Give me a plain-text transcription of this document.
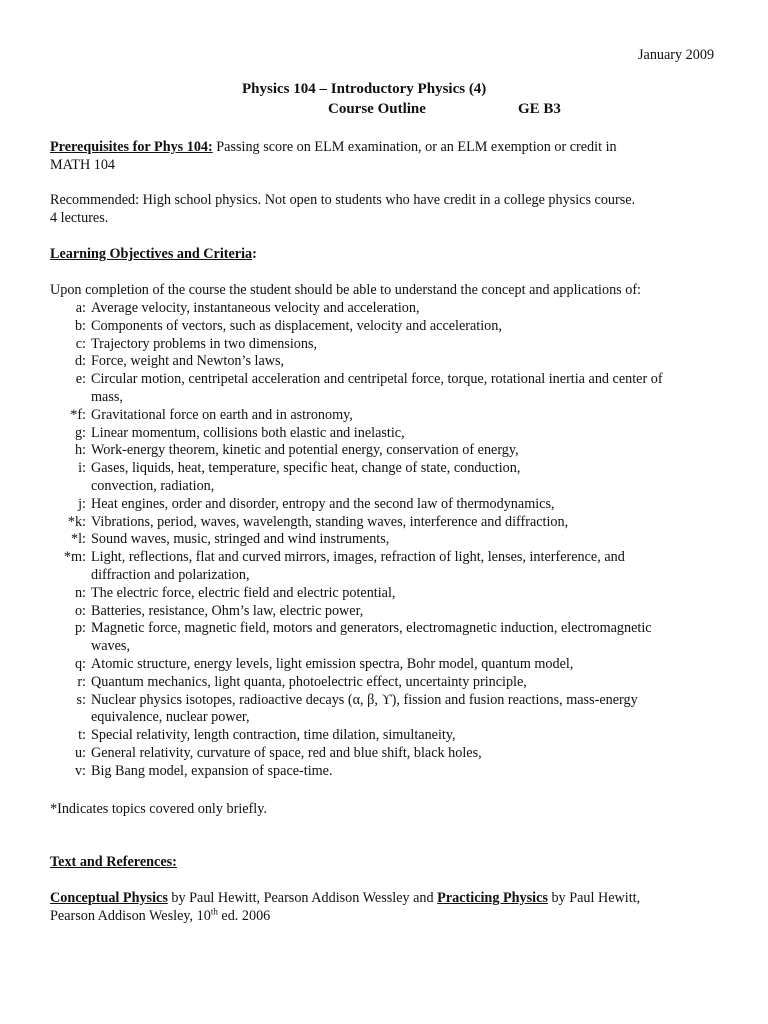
January 2009
Physics 104 – Introductory Physics (4)
Course Outline	GE B3
Prerequisites for Phys 104: Passing score on ELM examination, or an ELM exemption or credit in
MATH 104
Recommended: High school physics. Not open to students who have credit in a college physics course.
4 lectures.
Learning Objectives and Criteria:
Upon completion of the course the student should be able to understand the concept and applications of:
a: Average velocity, instantaneous velocity and acceleration,
b: Components of vectors, such as displacement, velocity and acceleration,
c: Trajectory problems in two dimensions,
d: Force, weight and Newton’s laws,
e: Circular motion, centripetal acceleration and centripetal force, torque, rotational inertia and center of
mass,
*f: Gravitational force on earth and in astronomy,
g: Linear momentum, collisions both elastic and inelastic,
h: Work-energy theorem, kinetic and potential energy, conservation of energy,
i: Gases, liquids, heat, temperature, specific heat, change of state, conduction,
convection, radiation,
j: Heat engines, order and disorder, entropy and the second law of thermodynamics,
*k: Vibrations, period, waves, wavelength, standing waves, interference and diffraction,
*l: Sound waves, music, stringed and wind instruments,
*m: Light, reflections, flat and curved mirrors, images, refraction of light, lenses, interference, and
diffraction and polarization,
n: The electric force, electric field and electric potential,
o: Batteries, resistance, Ohm’s law, electric power,
p: Magnetic force, magnetic field, motors and generators, electromagnetic induction, electromagnetic
waves,
q: Atomic structure, energy levels, light emission spectra, Bohr model, quantum model,
r: Quantum mechanics, light quanta, photoelectric effect, uncertainty principle,
s: Nuclear physics isotopes, radioactive decays (α, β, ϒ), fission and fusion reactions, mass-energy
equivalence, nuclear power,
t: Special relativity, length contraction, time dilation, simultaneity,
u: General relativity, curvature of space, red and blue shift, black holes,
v: Big Bang model, expansion of space-time.
*Indicates topics covered only briefly.
Text and References:
Conceptual Physics by Paul Hewitt, Pearson Addison Wessley and Practicing Physics by Paul Hewitt,
Pearson Addison Wesley, 10th ed. 2006
